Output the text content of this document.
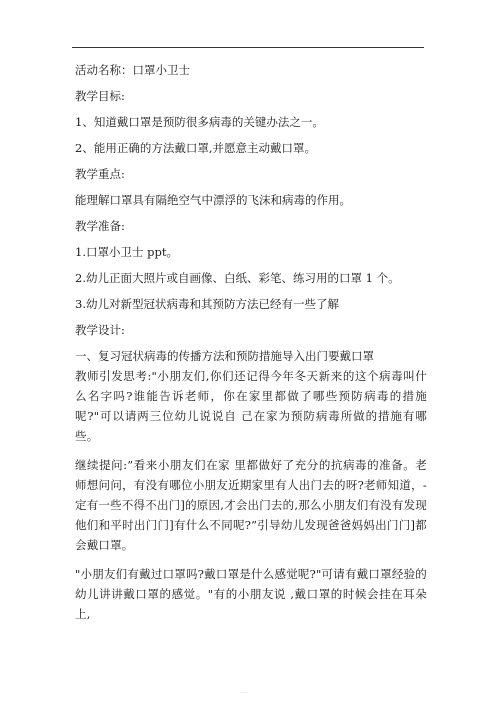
活动名称：口罩小卫士

教学目标:

1、知道戴口罩是预防很多病毒的关键办法之一。

2、能用正确的方法戴口罩,并愿意主动戴口罩。

教学重点:

能理解口罩具有隔绝空气中漂浮的飞沫和病毒的作用。

教学准备:

1.口罩小卫士 ppt。

2.幼儿正面大照片或自画像、白纸、彩笔、练习用的口罩 1 个。

3.幼儿对新型冠状病毒和其预防方法已经有一些了解

教学设计:

一、复习冠状病毒的传播方法和预防措施导入出门要戴口罩

教师引发思考:"小朋友们,你们还记得今年冬天新来的这个病毒叫什么名字吗?谁能告诉老师，你在家里都做了哪些预防病毒的措施呢?"可以请两三位幼儿说说自 己在家为预防病毒所做的措施有哪些。

继续提问:”看来小朋友们在家 里都做好了充分的抗病毒的准备。老师想问问，有没有哪位小朋友近期家里有人出门去的呀?老师知道，-定有一些不得不出门]的原因,才会出门去的,那么小朋友们有没有发现他们和平时出门门]有什么不同呢?”引导幼儿发现爸爸妈妈出门门]都会戴口罩。

"小朋友们有戴过口罩吗?戴口罩是什么感觉呢?"可请有戴口罩经验的幼儿讲讲戴口罩的感觉。"有的小朋友说 ,戴口罩的时候会挂在耳朵上,

····
